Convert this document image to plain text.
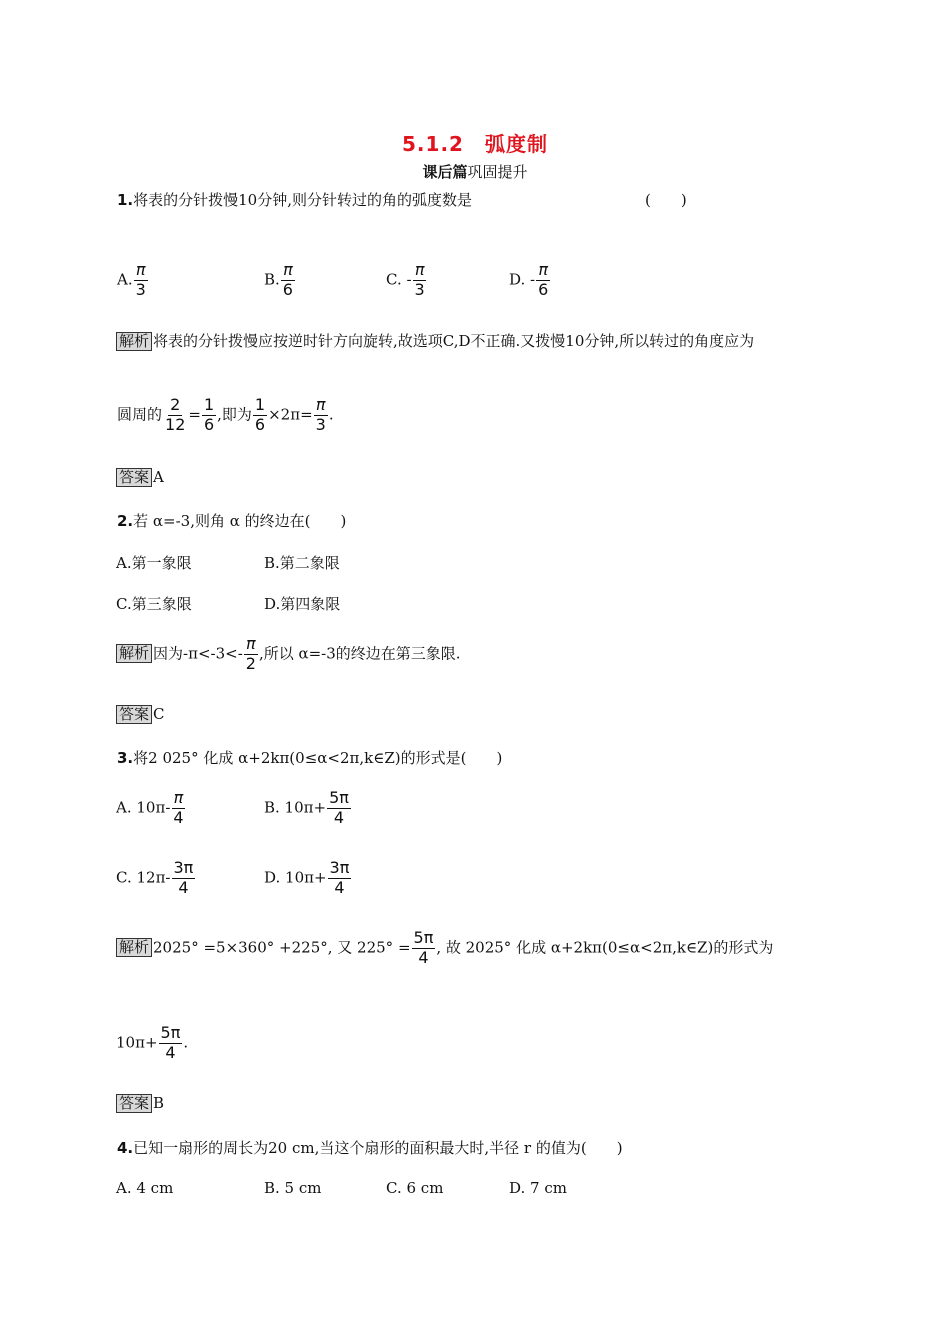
5.1.2　弧度制
课后篇巩固提升
1.将表的分针拨慢10分钟,则分针转过的角的弧度数是	(　　)
A. $\frac{\pi}{3}$	B. $\frac{\pi}{6}$	C. - $\frac{\pi}{3}$	D. - $\frac{\pi}{6}$
解析 将表的分针拨慢应按逆时针方向旋转,故选项C,D不正确.又拨慢10分钟,所以转过的角度应为
圆周的 $\frac{2}{12} = \frac{1}{6}$ ,即为 $\frac{1}{6} \times 2\pi= \frac{\pi}{3}$ .
答案 A
2.若 α=-3,则角 α 的终边在(　　)
A.第一象限	B.第二象限
C.第三象限	D.第四象限
解析 因为$-\pi<-3<- \frac{\pi}{2}$ ,所以 α=-3的终边在第三象限.
答案 C
3.将2 025° 化成 α+2kπ(0≤α<2π,k∈Z)的形式是(　　)
A. $10\pi- \frac{\pi}{4}$	B. $10\pi+ \frac{5\pi}{4}$
C. $12\pi- \frac{3\pi}{4}$	D. $10\pi+ \frac{3\pi}{4}$
解析 2025° =5×360° +225°, 又 $225^\circ = \frac{5\pi}{4}$ , 故 2025° 化成 α+2kπ(0≤α<2π,k∈Z)的形式为
$10\pi+ \frac{5\pi}{4}$ .
答案 B
4.已知一扇形的周长为20 cm,当这个扇形的面积最大时,半径 r 的值为(　　)
A. 4 cm	B. 5 cm	C. 6 cm	D. 7 cm
